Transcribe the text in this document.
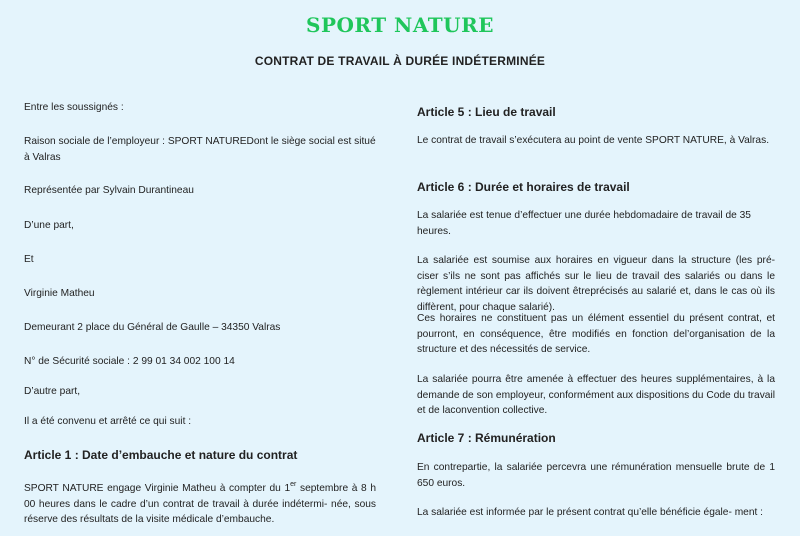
SPORT NATURE
CONTRAT DE TRAVAIL À DURÉE INDÉTERMINÉE

Entre les soussignés :

Raison sociale de l’employeur : SPORT NATUREDont le siège social est situé à Valras

Représentée par Sylvain Durantineau

D’une part,

Et

Virginie Matheu

Demeurant 2 place du Général de Gaulle – 34350 Valras

N° de Sécurité sociale : 2 99 01 34 002 100 14

D’autre part,

Il a été convenu et arrêté ce qui suit :

Article 1 : Date d’embauche et nature du contrat

SPORT NATURE engage Virginie Matheu à compter du 1er septembre à 8 h 00 heures dans le cadre d’un contrat de travail à durée indétermi- née, sous réserve des résultats de la visite médicale d’embauche.

Article 5 : Lieu de travail

Le contrat de travail s’exécutera au point de vente SPORT NATURE, à Valras.

Article 6 : Durée et horaires de travail

La salariée est tenue d’effectuer une durée hebdomadaire de travail de 35 heures.

La salariée est soumise aux horaires en vigueur dans la structure (les pré- ciser s’ils ne sont pas affichés sur le lieu de travail des salariés ou dans le règlement intérieur car ils doivent êtreprécisés au salarié et, dans le cas où ils diffèrent, pour chaque salarié).

Ces horaires ne constituent pas un élément essentiel du présent contrat, et pourront, en conséquence, être modifiés en fonction del’organisation de la structure et des nécessités de service.

La salariée pourra être amenée à effectuer des heures supplémentaires, à la demande de son employeur, conformément aux dispositions du Code du travail et de laconvention collective.

Article 7 : Rémunération

En contrepartie, la salariée percevra une rémunération mensuelle brute de 1 650 euros.

La salariée est informée par le présent contrat qu’elle bénéficie égale- ment :
